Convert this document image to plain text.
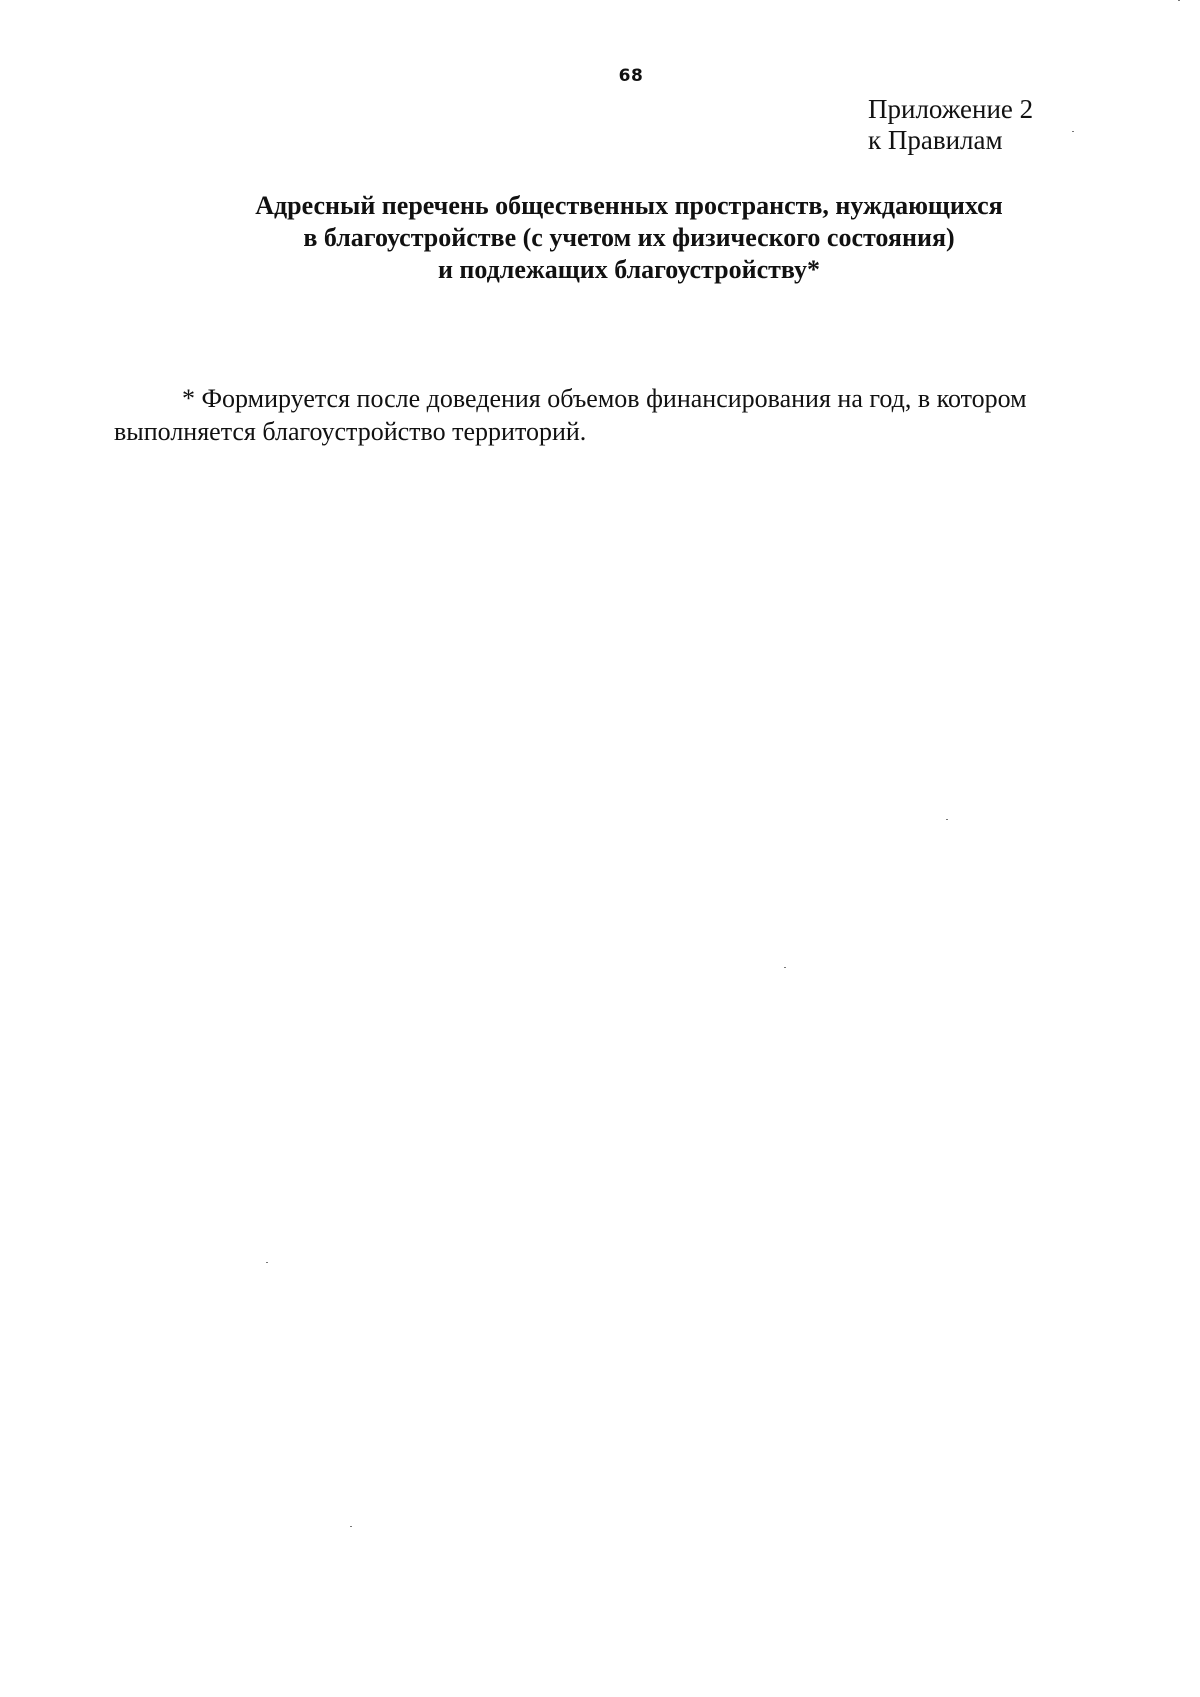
68
Приложение 2
к Правилам
Адресный перечень общественных пространств, нуждающихся
в благоустройстве (с учетом их физического состояния)
и подлежащих благоустройству*
* Формируется после доведения объемов финансирования на год, в котором
выполняется благоустройство территорий.
